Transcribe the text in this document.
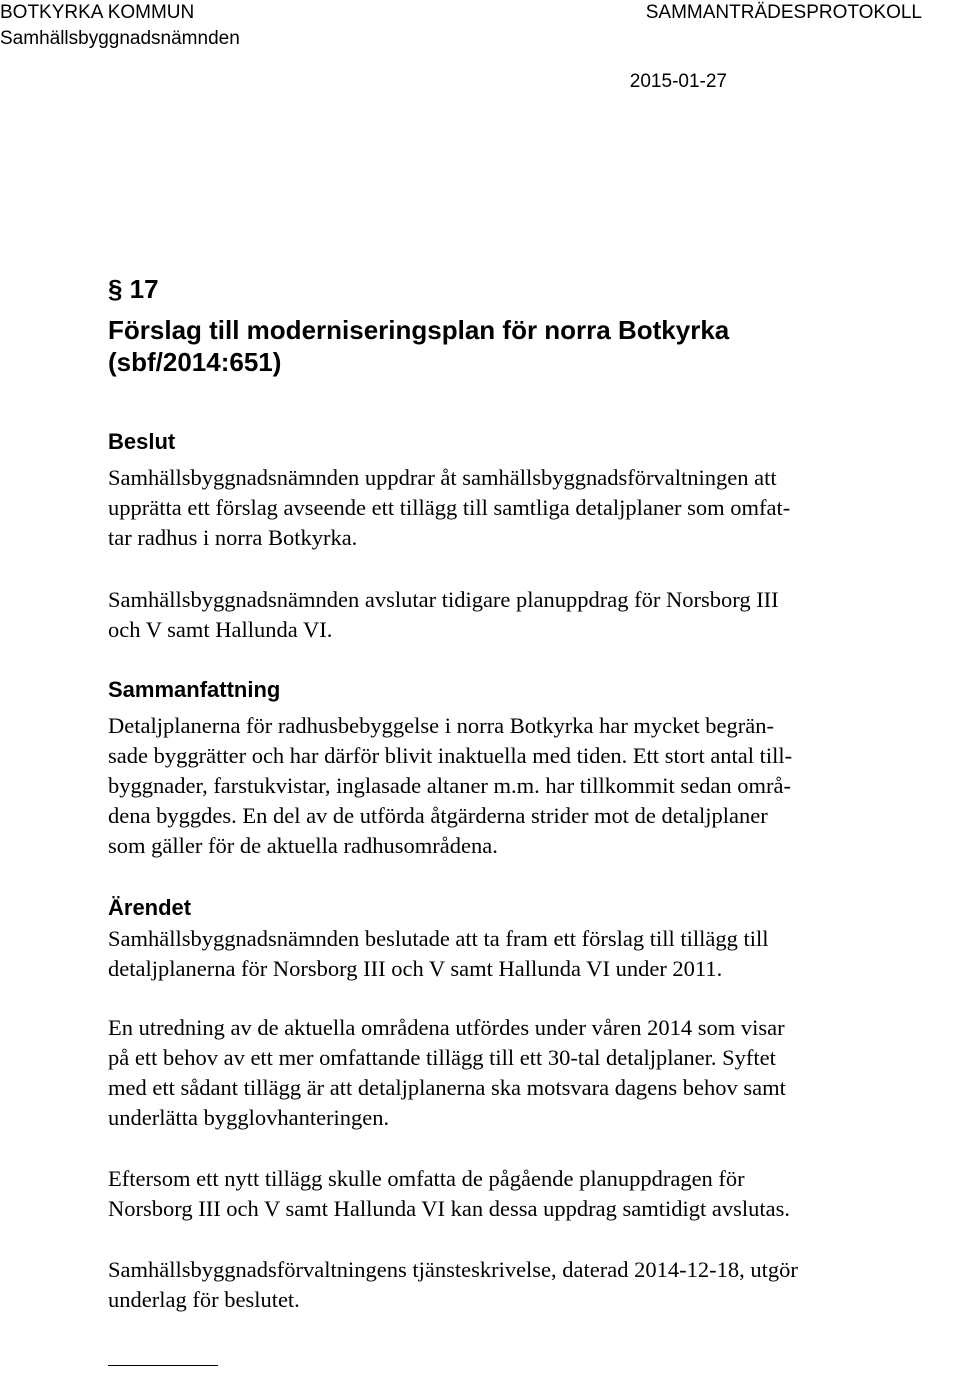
BOTKYRKA KOMMUN	SAMMANTRÄDESPROTOKOLL
Samhällsbyggnadsnämnden
2015-01-27
§ 17
Förslag till moderniseringsplan för norra Botkyrka
(sbf/2014:651)
Beslut
Samhällsbyggnadsnämnden uppdrar åt samhällsbyggnadsförvaltningen att
upprätta ett förslag avseende ett tillägg till samtliga detaljplaner som omfat-
tar radhus i norra Botkyrka.
Samhällsbyggnadsnämnden avslutar tidigare planuppdrag för Norsborg III
och V samt Hallunda VI.
Sammanfattning
Detaljplanerna för radhusbebyggelse i norra Botkyrka har mycket begrän-
sade byggrätter och har därför blivit inaktuella med tiden. Ett stort antal till-
byggnader, farstukvistar, inglasade altaner m.m. har tillkommit sedan områ-
dena byggdes. En del av de utförda åtgärderna strider mot de detaljplaner
som gäller för de aktuella radhusområdena.
Ärendet
Samhällsbyggnadsnämnden beslutade att ta fram ett förslag till tillägg till
detaljplanerna för Norsborg III och V samt Hallunda VI under 2011.
En utredning av de aktuella områdena utfördes under våren 2014 som visar
på ett behov av ett mer omfattande tillägg till ett 30-tal detaljplaner. Syftet
med ett sådant tillägg är att detaljplanerna ska motsvara dagens behov samt
underlätta bygglovhanteringen.
Eftersom ett nytt tillägg skulle omfatta de pågående planuppdragen för
Norsborg III och V samt Hallunda VI kan dessa uppdrag samtidigt avslutas.
Samhällsbyggnadsförvaltningens tjänsteskrivelse, daterad 2014-12-18, utgör
underlag för beslutet.
